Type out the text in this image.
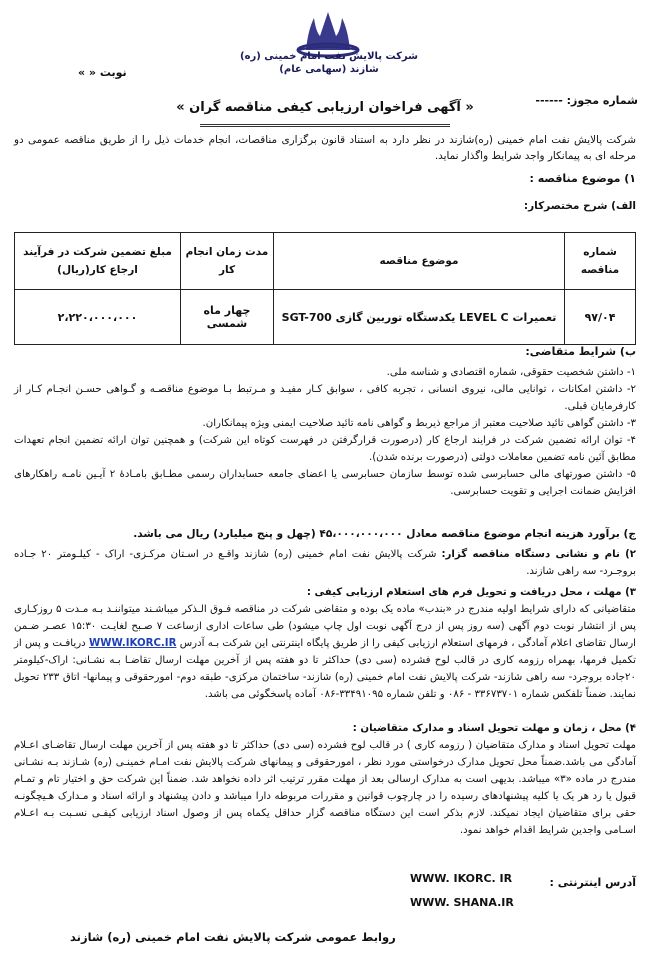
شرکت پالایش نفت امام خمینی (ره) شازند (سهامی عام)
نوبت « »
شماره مجوز: ------
« آگهی فراخوان ارزیابی کیفی مناقصه گران »
شرکت پالایش نفت امام خمینی (ره)شازند در نظر دارد به استناد قانون برگزاری مناقصات، انجام خدمات ذیل را از طریق مناقصه عمومی دو مرحله ای به پیمانکار واجد شرایط واگذار نماید.
۱) موضوع مناقصه :
الف) شرح مختصرکار:
شماره مناقصه	موضوع مناقصه	مدت زمان انجام کار	مبلغ تضمین شرکت در فرآیند ارجاع کار(ریال)
۹۷/۰۴	تعمیرات LEVEL C یکدستگاه توربین گازی SGT-700	چهار ماه شمسی	۲،۲۲۰،۰۰۰،۰۰۰
ب) شرایط متقاضی:
۱- داشتن شخصیت حقوقی، شماره اقتصادی و شناسه ملی.
۲- داشتن امکانات ، توانایی مالی، نیروی انسانی ، تجربه کافی ، سوابق کـار مفیـد و مـرتبط بـا موضوع مناقصـه و گـواهی حسـن انجـام کـار از کارفرمایان قبلی.
۳- داشتن گواهی تائید صلاحیت معتبر از مراجع ذیربط و گواهی نامه تائید صلاحیت ایمنی ویژه پیمانکاران.
۴- توان ارائه تضمین شرکت در فرایند ارجاع کار (درصورت قرارگرفتن در فهرست کوتاه این شرکت) و همچنین توان ارائه تضمین انجام تعهدات مطابق آئین نامه تضمین معاملات دولتی (درصورت برنده شدن).
۵- داشتن صورتهای مالی حسابرسی شده توسط سازمان حسابرسی یا اعضای جامعه حسابداران رسمی مطـابق بامـادهٔ ۲ آیـین نامـه راهکارهای افزایش ضمانت اجرایی و تقویت حسابرسی.
ج) برآورد هزینه انجام موضوع مناقصه معادل ۴۵،۰۰۰،۰۰۰،۰۰۰ (چهل و پنج میلیارد) ریال می باشد.
۲) نام و نشانی دستگاه مناقصه گزار: شرکت پالایش نفت امام خمینی (ره) شازند واقـع در اسـتان مرکـزی- اراک - کیلـومتر ۲۰ جـاده بروجـرد- سه راهی شازند.
۳) مهلت ، محل دریافت و تحویل فرم های استعلام ارزیابی کیفی :
متقاضیانی که دارای شرایط اولیه مندرج در «بندب» ماده یک بوده و متقاضی شرکت در مناقصه فـوق الـذکر میباشـند میتواننـد بـه مـدت ۵ روزکـاری پس از انتشار نوبت دوم آگهی (سه روز پس از درج آگهی نوبت اول چاپ میشود) طی ساعات اداری ازساعت ۷ صـبح لغایـت ۱۵:۳۰ عصـر ضـمن ارسال تقاضای اعلام آمادگی ، فرمهای استعلام ارزیابی کیفی را از طریق پایگاه اینترنتی این شرکت بـه آدرس WWW.IKORC.IR دریافـت و پس از تکمیل فرمها، بهمراه رزومه کاری در قالب لوح فشرده (سی دی) حداکثر تا دو هفته پس از آخرین مهلت ارسال تقاضـا بـه نشـانی: اراک-کیلومتر ۲۰جاده بروجرد- سه راهی شازند- شرکت پالایش نفت امام خمینی (ره) شازند- ساختمان مرکزی- طبقه دوم- امورحقوقی و پیمانها- اتاق ۲۳۳ تحویل نمایند. ضمناً تلفکس شماره ۳۳۶۷۳۷۰۱ - ۰۸۶ و تلفن شماره ۳۳۴۹۱۰۹۵-۰۸۶ آماده پاسخگوئی می باشد.
۴) محل ، زمان و مهلت تحویل اسناد و مدارک متقاضیان :
مهلت تحویل اسناد و مدارک متقاضیان ( رزومه کاری ) در قالب لوح فشرده (سی دی) حداکثر تا دو هفته پس از آخرین مهلت ارسال تقاضـای اعـلام آمادگی می باشد.ضمناً محل تحویل مدارک درخواستی مورد نظر ، امورحقوقی و پیمانهای شرکت پالایش نفت امـام خمینـی (ره) شـازند بـه نشـانی مندرج در ماده «۳» میباشد. بدیهی است به مدارک ارسالی بعد از مهلت مقرر ترتیب اثر داده نخواهد شد. ضمناً این شرکت حق و اختیار تام و تمـام قبول یا رد هر یک یا کلیه پیشنهادهای رسیده را در چارچوب قوانین و مقررات مربوطه دارا میباشد و دادن پیشنهاد و ارائه اسناد و مـدارک هـیچگونـه حقی برای متقاضیان ایجاد نمیکند. لازم بذکر است این دستگاه مناقصه گزار حداقل یکماه پس از وصول اسناد ارزیابی کیفـی نسـبت بـه اعـلام اسـامی واجدین شرایط اقدام خواهد نمود.
آدرس اینترنتی :
WWW. IKORC. IR
WWW. SHANA.IR
روابط عمومی شرکت پالایش نفت امام خمینی (ره) شازند
